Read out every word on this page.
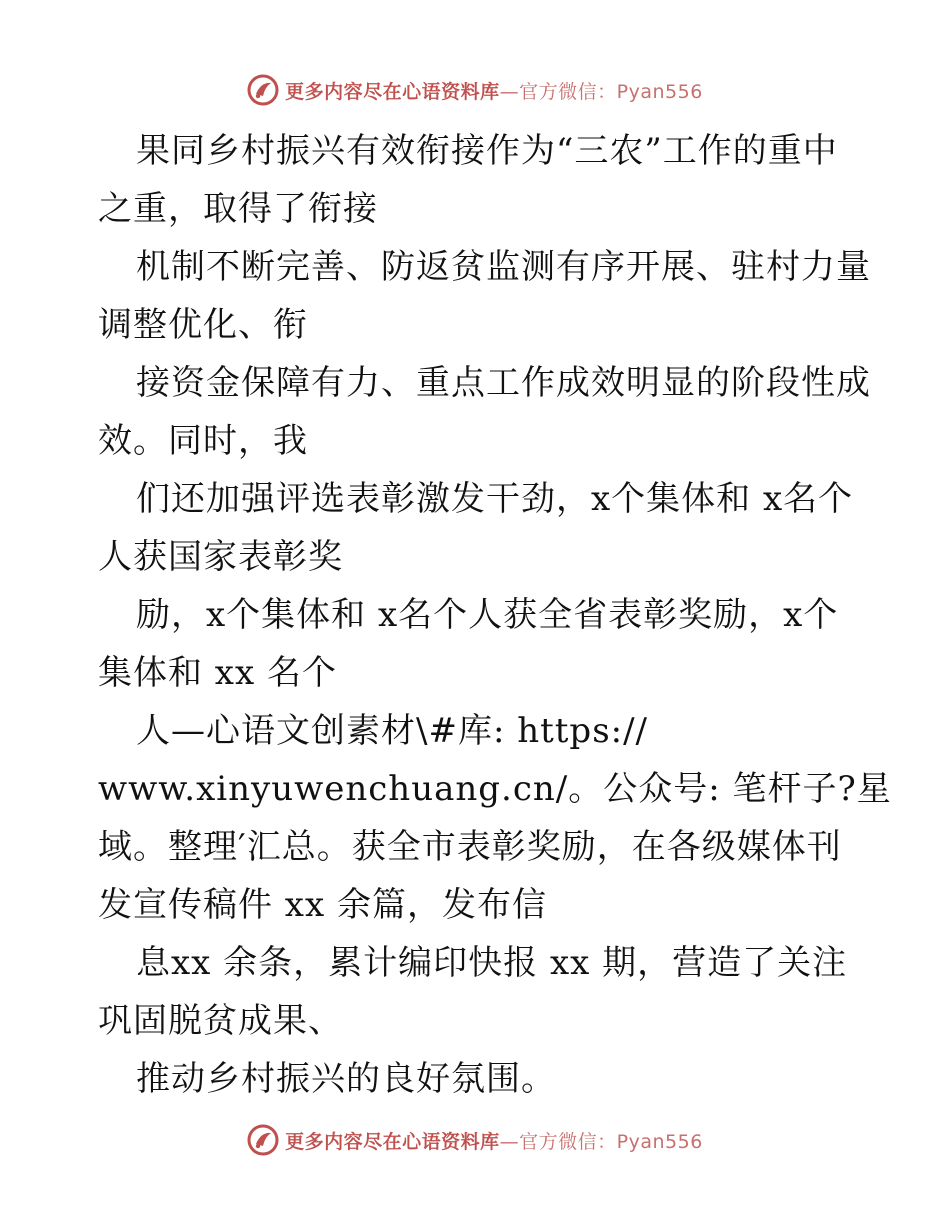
更多内容尽在心语资料库—官方微信：Pyan556
果同乡村振兴有效衔接作为“三农”工作的重中
之重，取得了衔接
机制不断完善、防返贫监测有序开展、驻村力量
调整优化、衔
接资金保障有力、重点工作成效明显的阶段性成
效。同时，我
们还加强评选表彰激发干劲，x个集体和 x名个
人获国家表彰奖
励，x个集体和 x名个人获全省表彰奖励，x个
集体和 xx 名个
人—心语文创素材\#库: https://
www.xinyuwenchuang.cn/。公众号: 笔杆子?星
域。整理′汇总。获全市表彰奖励，在各级媒体刊
发宣传稿件 xx 余篇，发布信
息xx 余条，累计编印快报 xx 期，营造了关注
巩固脱贫成果、
推动乡村振兴的良好氛围。
更多内容尽在心语资料库—官方微信：Pyan556
